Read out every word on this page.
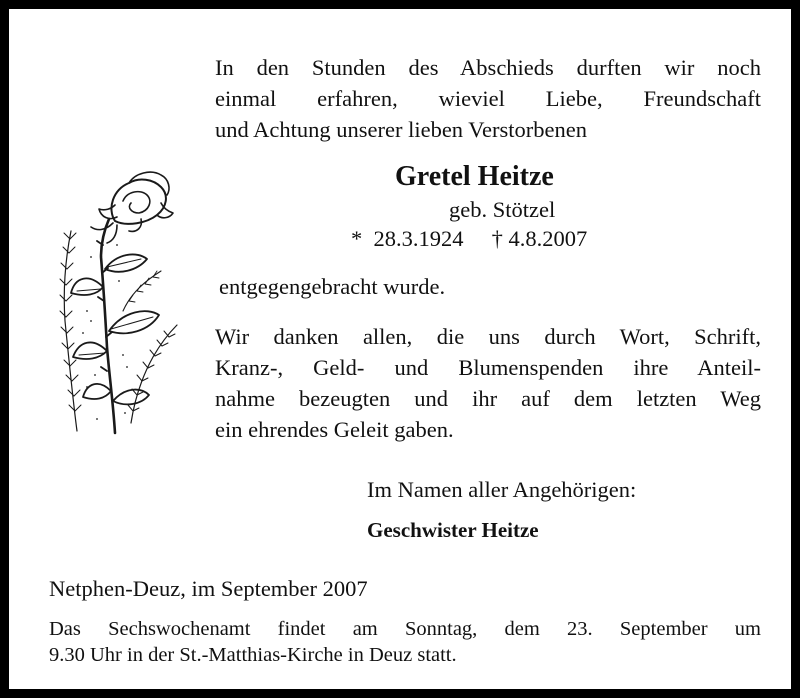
In den Stunden des Abschieds durften wir noch
einmal erfahren, wieviel Liebe, Freundschaft
und Achtung unserer lieben Verstorbenen
Gretel Heitze
geb. Stötzel
* 28.3.1924 † 4.8.2007
entgegengebracht wurde.
Wir danken allen, die uns durch Wort, Schrift,
Kranz-, Geld- und Blumenspenden ihre Anteil-
nahme bezeugten und ihr auf dem letzten Weg
ein ehrendes Geleit gaben.
Im Namen aller Angehörigen:
Geschwister Heitze
Netphen-Deuz, im September 2007
Das Sechswochenamt findet am Sonntag, dem 23. September um
9.30 Uhr in der St.-Matthias-Kirche in Deuz statt.
